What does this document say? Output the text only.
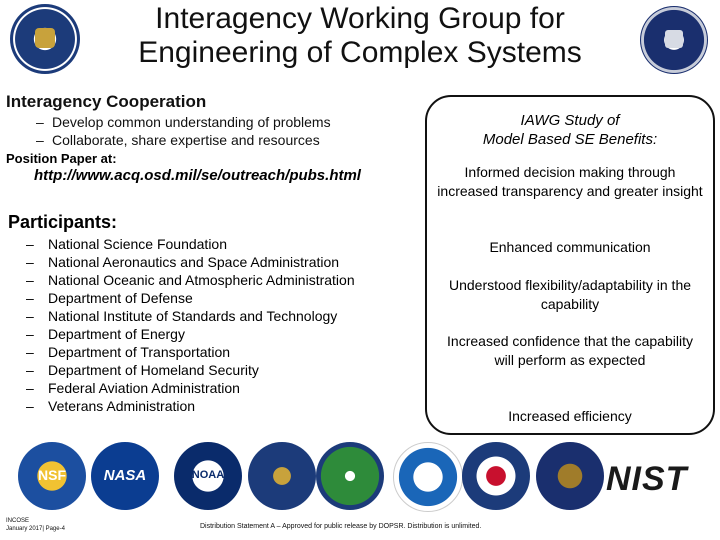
Interagency Working Group for Engineering of Complex Systems
Interagency Cooperation
– Develop common understanding of problems
– Collaborate, share expertise and resources
Position Paper at:
http://www.acq.osd.mil/se/outreach/pubs.html
Participants:
– National Science Foundation
– National Aeronautics and Space Administration
– National Oceanic and Atmospheric Administration
– Department of Defense
– National Institute of Standards and Technology
– Department of Energy
– Department of Transportation
– Department of Homeland Security
– Federal Aviation Administration
– Veterans Administration
IAWG Study of
Model Based SE Benefits:
Informed decision making through increased transparency and greater insight
Enhanced communication
Understood flexibility/adaptability in the capability
Increased confidence that the capability will perform as expected
Increased efficiency
NSF	NASA	NOAA	NIST
INCOSE
January 2017| Page-4	Distribution Statement A – Approved for public release by DOPSR. Distribution is unlimited.
